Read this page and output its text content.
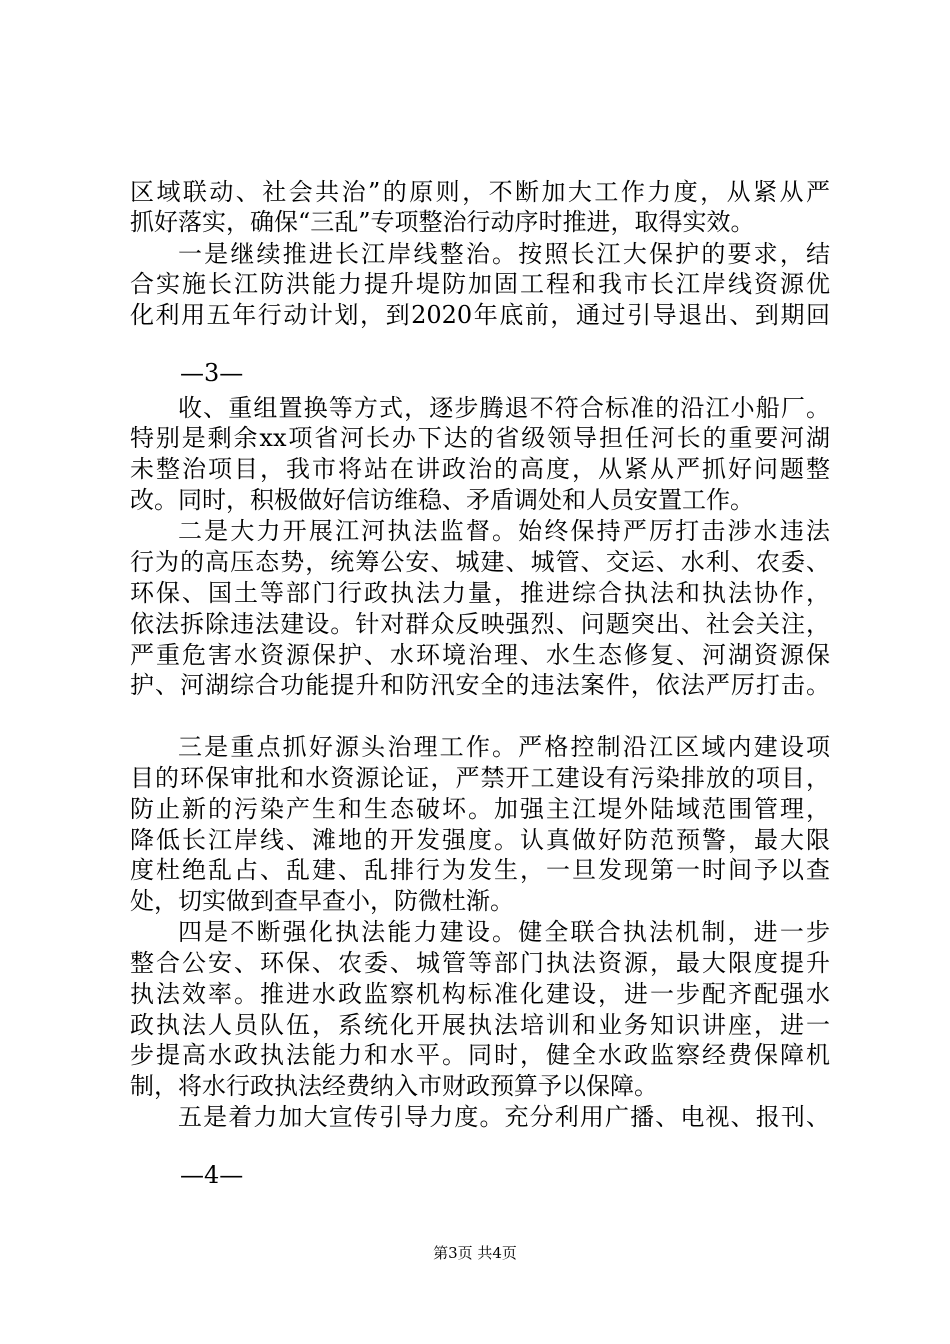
区域联动、社会共治”的原则，不断加大工作力度，从紧从严
抓好落实，确保“三乱”专项整治行动序时推进，取得实效。
一是继续推进长江岸线整治。按照长江大保护的要求，结
合实施长江防洪能力提升堤防加固工程和我市长江岸线资源优
化利用五年行动计划，到2020年底前，通过引导退出、到期回
—3—
收、重组置换等方式，逐步腾退不符合标准的沿江小船厂。
特别是剩余xx项省河长办下达的省级领导担任河长的重要河湖
未整治项目，我市将站在讲政治的高度，从紧从严抓好问题整
改。同时，积极做好信访维稳、矛盾调处和人员安置工作。
二是大力开展江河执法监督。始终保持严厉打击涉水违法
行为的高压态势，统筹公安、城建、城管、交运、水利、农委、
环保、国土等部门行政执法力量，推进综合执法和执法协作，
依法拆除违法建设。针对群众反映强烈、问题突出、社会关注，
严重危害水资源保护、水环境治理、水生态修复、河湖资源保
护、河湖综合功能提升和防汛安全的违法案件，依法严厉打击。
三是重点抓好源头治理工作。严格控制沿江区域内建设项
目的环保审批和水资源论证，严禁开工建设有污染排放的项目，
防止新的污染产生和生态破坏。加强主江堤外陆域范围管理，
降低长江岸线、滩地的开发强度。认真做好防范预警，最大限
度杜绝乱占、乱建、乱排行为发生，一旦发现第一时间予以查
处，切实做到查早查小，防微杜渐。
四是不断强化执法能力建设。健全联合执法机制，进一步
整合公安、环保、农委、城管等部门执法资源，最大限度提升
执法效率。推进水政监察机构标准化建设，进一步配齐配强水
政执法人员队伍，系统化开展执法培训和业务知识讲座，进一
步提高水政执法能力和水平。同时，健全水政监察经费保障机
制，将水行政执法经费纳入市财政预算予以保障。
五是着力加大宣传引导力度。充分利用广播、电视、报刊、
—4—
第3页 共4页
